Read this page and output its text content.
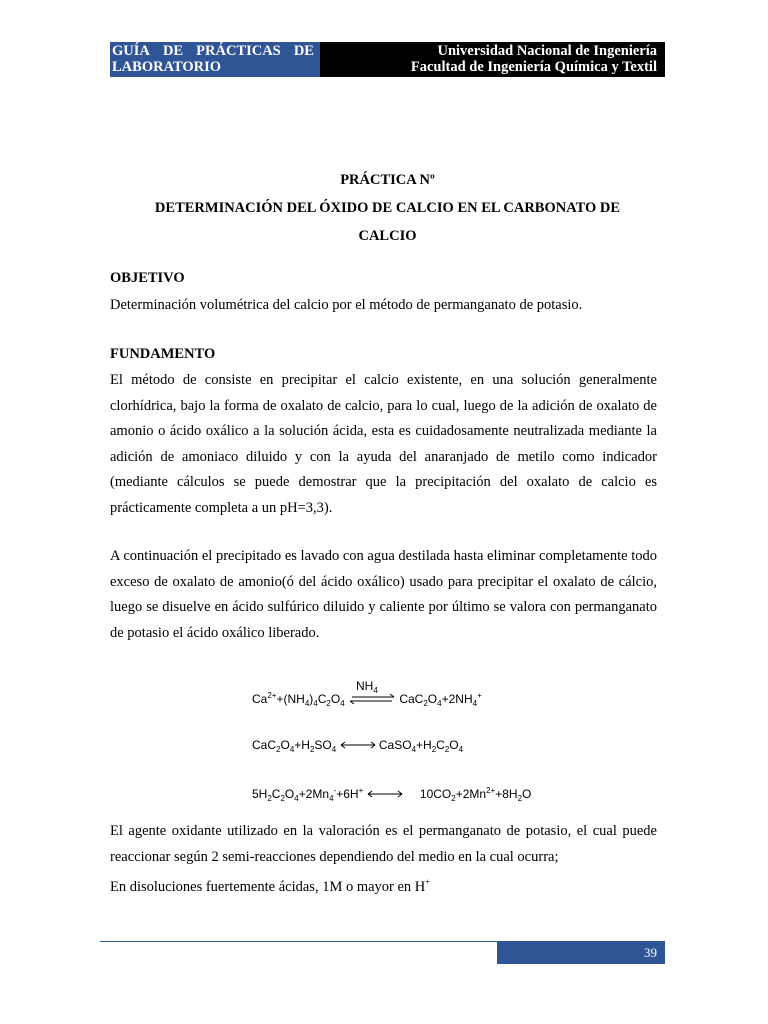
GUÍA DE PRÁCTICAS DE
LABORATORIO
Universidad Nacional de Ingeniería
Facultad de Ingeniería Química y Textil
PRÁCTICA Nº
DETERMINACIÓN DEL ÓXIDO DE CALCIO EN EL CARBONATO DE
CALCIO
OBJETIVO
Determinación volumétrica del calcio por el método de permanganato de potasio.
FUNDAMENTO

El método de consiste en precipitar el calcio existente, en una solución generalmente clorhídrica, bajo la forma de oxalato de calcio, para lo cual, luego de la adición de oxalato de amonio o ácido oxálico a la solución ácida, esta es cuidadosamente neutralizada mediante la adición de amoniaco diluido y con la ayuda del anaranjado de metilo como indicador (mediante cálculos se puede demostrar que la precipitación del oxalato de calcio es prácticamente completa a un pH=3,3).

A continuación el precipitado es lavado con agua destilada hasta eliminar completamente todo exceso de oxalato de amonio(ó del ácido oxálico) usado para precipitar el oxalato de cálcio, luego se disuelve en ácido sulfúrico diluido y caliente por último se valora con permanganato de potasio el ácido oxálico liberado.

$Ca^{2+}+(NH_4)_4C_2O_4$
$NH_4$
$CaC_2O_4+2NH_4^+$
$CaC_2O_4+H_2SO_4$	$CaSO_4+H_2C_2O_4$
$5H_2C_2O_4+2Mn_4^-+6H^+$	$10CO_2+2Mn^{2+}+8H_2O$

El agente oxidante utilizado en la valoración es el permanganato de potasio, el cual puede reaccionar según 2 semi-reacciones dependiendo del medio en la cual ocurra;

En disoluciones fuertemente ácidas, 1M o mayor en H+

39
